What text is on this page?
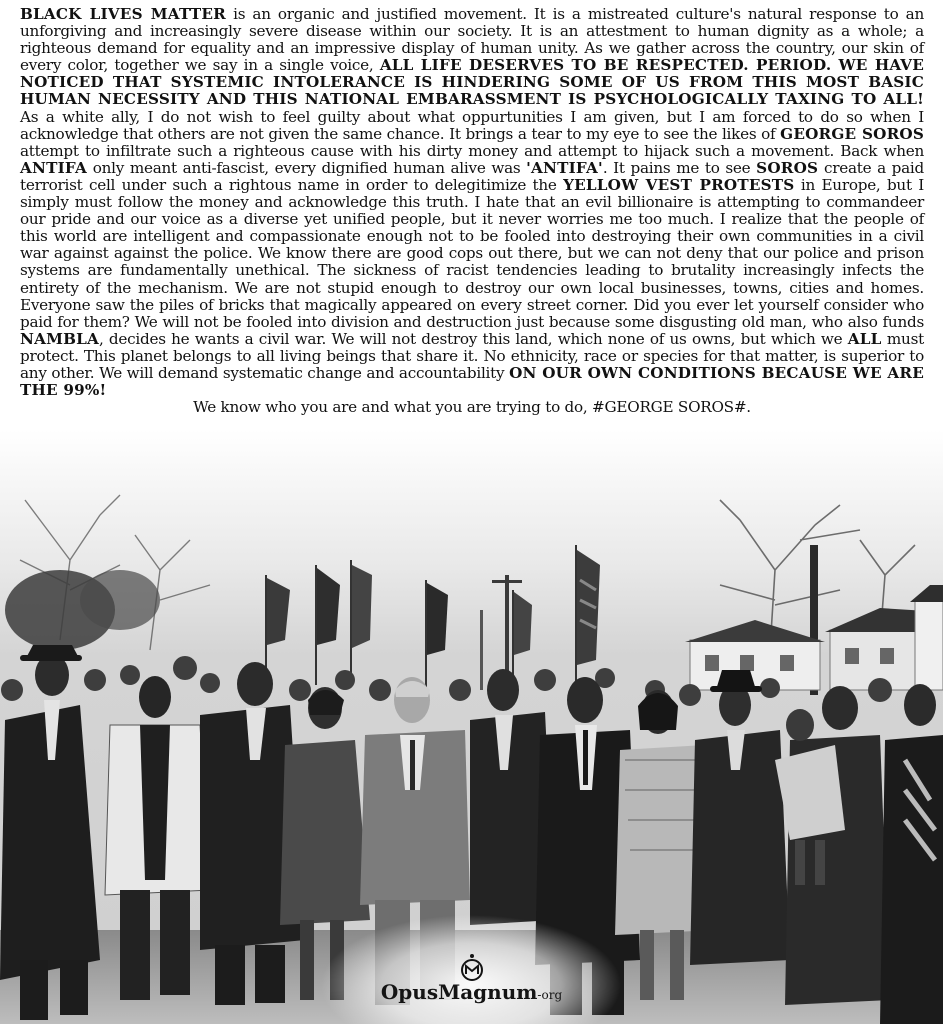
BLACK LIVES MATTER is an organic and justified movement. It is a mistreated culture's natural response to an unforgiving and increasingly severe disease within our society. It is an attestment to human dignity as a whole; a righteous demand for equality and an impressive display of human unity. As we gather across the country, our skin of every color, together we say in a single voice, ALL LIFE DESERVES TO BE RESPECTED. PERIOD. WE HAVE NOTICED THAT SYSTEMIC INTOLERANCE IS HINDERING SOME OF US FROM THIS MOST BASIC HUMAN NECESSITY AND THIS NATIONAL EMBARASSMENT IS PSYCHOLOGICALLY TAXING TO ALL! As a white ally, I do not wish to feel guilty about what oppurtunities I am given, but I am forced to do so when I acknowledge that others are not given the same chance. It brings a tear to my eye to see the likes of GEORGE SOROS attempt to infiltrate such a righteous cause with his dirty money and attempt to hijack such a movement. Back when ANTIFA only meant anti-fascist, every dignified human alive was 'ANTIFA'. It pains me to see SOROS create a paid terrorist cell under such a rightous name in order to delegitimize the YELLOW VEST PROTESTS in Europe, but I simply must follow the money and acknowledge this truth. I hate that an evil billionaire is attempting to commandeer our pride and our voice as a diverse yet unified people, but it never worries me too much. I realize that the people of this world are intelligent and compassionate enough not to be fooled into destroying their own communities in a civil war against against the police. We know there are good cops out there, but we can not deny that our police and prison systems are fundamentally unethical. The sickness of racist tendencies leading to brutality increasingly infects the entirety of the mechanism. We are not stupid enough to destroy our own local businesses, towns, cities and homes. Everyone saw the piles of bricks that magically appeared on every street corner. Did you ever let yourself consider who paid for them? We will not be fooled into division and destruction just because some disgusting old man, who also funds NAMBLA, decides he wants a civil war. We will not destroy this land, which none of us owns, but which we ALL must protect. This planet belongs to all living beings that share it. No ethnicity, race or species for that matter, is superior to any other. We will demand systematic change and accountability ON OUR OWN CONDITIONS BECAUSE WE ARE THE 99%!

We know who you are and what you are trying to do, #GEORGE SOROS#.
OpusMagnum-org
